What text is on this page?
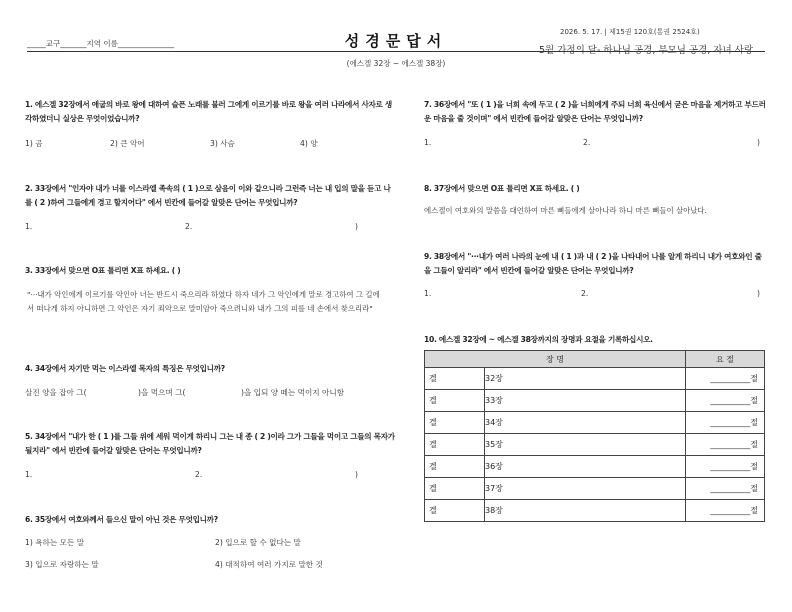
_____교구_______지역 이름_______________	성경문답서	2026. 5. 17. | 제15권 120호(통권 2524호)
5월 가정의 달- 하나님 공경, 부모님 공경, 자녀 사랑
(에스겔 32장 ~ 에스겔 38장)
1. 에스겔 32장에서 애굽의 바로 왕에 대하여 슬픈 노래를 불러 그에게 이르기를 바로 왕을 여러 나라에서 사자로 생각하였더니 실상은 무엇이었습니까?
1) 곰	2) 큰 악어	3) 사슴	4) 양
2. 33장에서 "인자야 내가 너를 이스라엘 족속의 ( 1 )으로 삼음이 이와 같으니라 그런즉 너는 내 입의 말을 듣고 나를 ( 2 )하여 그들에게 경고 할지어다" 에서 빈칸에 들어갈 알맞은 단어는 무엇입니까?
1.	2.	)
3. 33장에서 맞으면 O표 틀리면 X표 하세요. ( )
"···내가 악인에게 이르기를 악인아 너는 반드시 죽으리라 하였다 하자 네가 그 악인에게 말로 경고하여 그 길에서 떠나게 하지 아니하면 그 악인은 자기 죄악으로 말미암아 죽으려니와 내가 그의 피를 네 손에서 찾으리라"
4. 34장에서 자기만 먹는 이스라엘 목자의 특징은 무엇입니까?
살진 양을 잡아 그(	)을 먹으며 그(	)을 입되 양 떼는 먹이지 아니함
5. 34장에서 "내가 한 ( 1 )를 그들 위에 세워 먹이게 하리니 그는 내 종 ( 2 )이라 그가 그들을 먹이고 그들의 목자가 될지라" 에서 빈칸에 들어갈 알맞은 단어는 무엇입니까?
1.	2.	)
6. 35장에서 여호와께서 들으신 말이 아닌 것은 무엇입니까?
1) 욕하는 모든 말	2) 입으로 할 수 없다는 말
3) 입으로 자랑하는 말	4) 대적하여 여러 가지로 말한 것
7. 36장에서 "또 ( 1 )을 너희 속에 두고 ( 2 )을 너희에게 주되 너희 육신에서 굳은 마음을 제거하고 부드러운 마음을 줄 것이며" 에서 빈칸에 들어갈 알맞은 단어는 무엇입니까?
1.	2.	)
8. 37장에서 맞으면 O표 틀리면 X표 하세요. ( )
에스겔이 여호와의 말씀을 대언하여 마른 뼈들에게 살아나라 하니 마른 뼈들이 살아났다.
9. 38장에서 "···내가 여러 나라의 눈에 내 ( 1 )과 내 ( 2 )을 나타내어 나를 알게 하리니 내가 여호와인 줄을 그들이 알리라" 에서 빈칸에 들어갈 알맞은 단어는 무엇입니까?
1.	2.	)
10. 에스겔 32장에 ~ 에스겔 38장까지의 장명과 요절을 기록하십시오.
장 명		요 절
겔	32장	__________절
겔	33장	__________절
겔	34장	__________절
겔	35장	__________절
겔	36장	__________절
겔	37장	__________절
겔	38장	__________절
